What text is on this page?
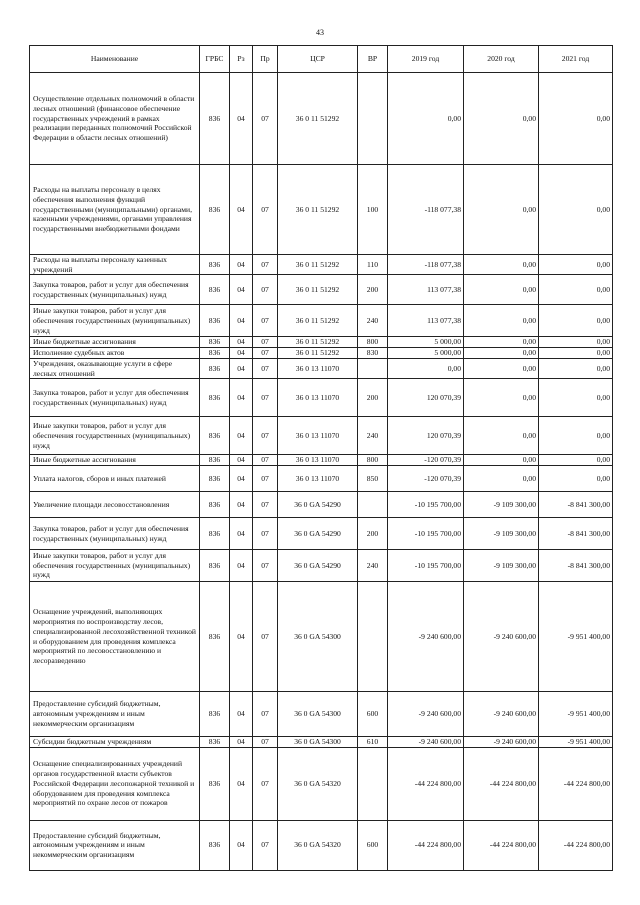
43
Наименование	ГРБС	Рз	Пр	ЦСР	ВР	2019 год	2020 год	2021 год
Осуществление отдельных полномочий в области лесных отношений (финансовое обеспечение государственных учреждений в рамках реализации переданных полномочий Российской Федерации в области лесных отношений)	836	04	07	36 0 11 51292		0,00	0,00	0,00
Расходы на выплаты персоналу в целях обеспечения выполнения функций государственными (муниципальными) органами, казенными учреждениями, органами управления государственными внебюджетными фондами	836	04	07	36 0 11 51292	100	-118 077,38	0,00	0,00
Расходы на выплаты персоналу казенных учреждений	836	04	07	36 0 11 51292	110	-118 077,38	0,00	0,00
Закупка товаров, работ и услуг для обеспечения государственных (муниципальных) нужд	836	04	07	36 0 11 51292	200	113 077,38	0,00	0,00
Иные закупки товаров, работ и услуг для обеспечения государственных (муниципальных) нужд	836	04	07	36 0 11 51292	240	113 077,38	0,00	0,00
Иные бюджетные ассигнования	836	04	07	36 0 11 51292	800	5 000,00	0,00	0,00
Исполнение судебных актов	836	04	07	36 0 11 51292	830	5 000,00	0,00	0,00
Учреждения, оказывающие услуги в сфере лесных отношений	836	04	07	36 0 13 11070		0,00	0,00	0,00
Закупка товаров, работ и услуг для обеспечения государственных (муниципальных) нужд	836	04	07	36 0 13 11070	200	120 070,39	0,00	0,00
Иные закупки товаров, работ и услуг для обеспечения государственных (муниципальных) нужд	836	04	07	36 0 13 11070	240	120 070,39	0,00	0,00
Иные бюджетные ассигнования	836	04	07	36 0 13 11070	800	-120 070,39	0,00	0,00
Уплата налогов, сборов и иных платежей	836	04	07	36 0 13 11070	850	-120 070,39	0,00	0,00
Увеличение площади лесовосстановления	836	04	07	36 0 GA 54290		-10 195 700,00	-9 109 300,00	-8 841 300,00
Закупка товаров, работ и услуг для обеспечения государственных (муниципальных) нужд	836	04	07	36 0 GA 54290	200	-10 195 700,00	-9 109 300,00	-8 841 300,00
Иные закупки товаров, работ и услуг для обеспечения государственных (муниципальных) нужд	836	04	07	36 0 GA 54290	240	-10 195 700,00	-9 109 300,00	-8 841 300,00
Оснащение учреждений, выполняющих мероприятия по воспроизводству лесов, специализированной лесохозяйственной техникой и оборудованием для проведения комплекса мероприятий по лесовосстановлению и лесоразведению	836	04	07	36 0 GA 54300		-9 240 600,00	-9 240 600,00	-9 951 400,00
Предоставление субсидий бюджетным, автономным учреждениям и иным некоммерческим организациям	836	04	07	36 0 GA 54300	600	-9 240 600,00	-9 240 600,00	-9 951 400,00
Субсидии бюджетным учреждениям	836	04	07	36 0 GA 54300	610	-9 240 600,00	-9 240 600,00	-9 951 400,00
Оснащение специализированных учреждений органов государственной власти субъектов Российской Федерации лесопожарной техникой и оборудованием для проведения комплекса мероприятий по охране лесов от пожаров	836	04	07	36 0 GA 54320		-44 224 800,00	-44 224 800,00	-44 224 800,00
Предоставление субсидий бюджетным, автономным учреждениям и иным некоммерческим организациям	836	04	07	36 0 GA 54320	600	-44 224 800,00	-44 224 800,00	-44 224 800,00
